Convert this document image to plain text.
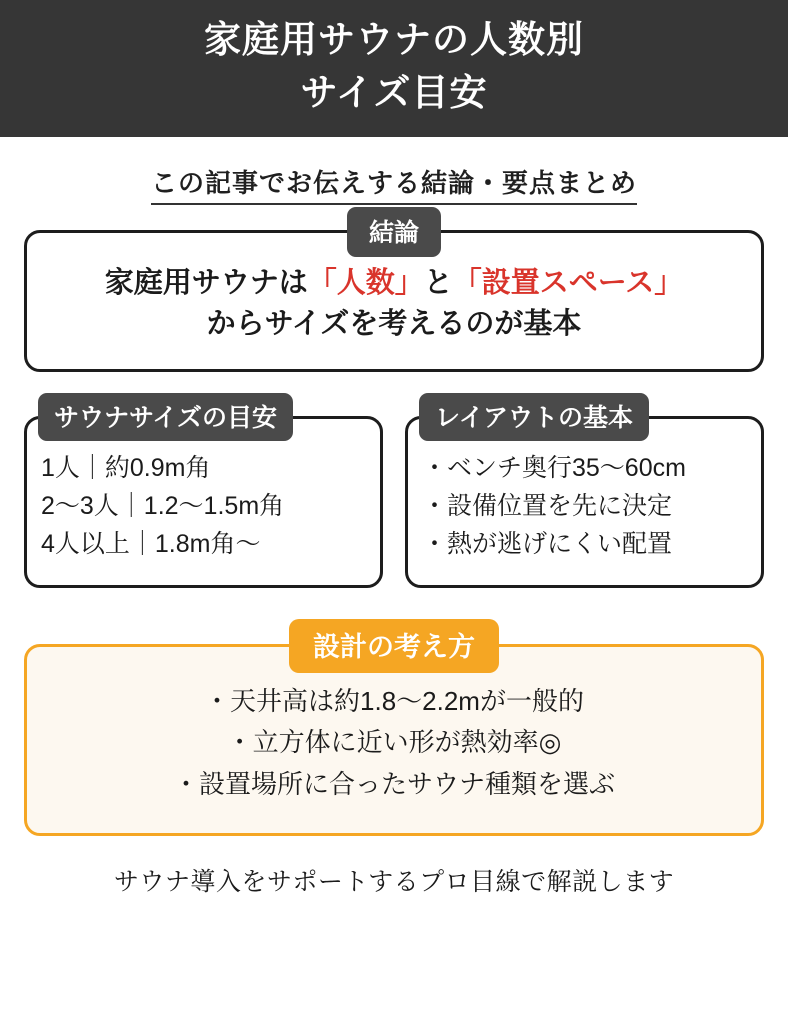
家庭用サウナの人数別
サイズ目安
この記事でお伝えする結論・要点まとめ
結論
家庭用サウナは「人数」と「設置スペース」
からサイズを考えるのが基本
サウナサイズの目安
1人｜約0.9m角
2〜3人｜1.2〜1.5m角
4人以上｜1.8m角〜
レイアウトの基本
・ベンチ奥行35〜60cm
・設備位置を先に決定
・熱が逃げにくい配置
設計の考え方
・天井高は約1.8〜2.2mが一般的
・立方体に近い形が熱効率◎
・設置場所に合ったサウナ種類を選ぶ
サウナ導入をサポートするプロ目線で解説します
